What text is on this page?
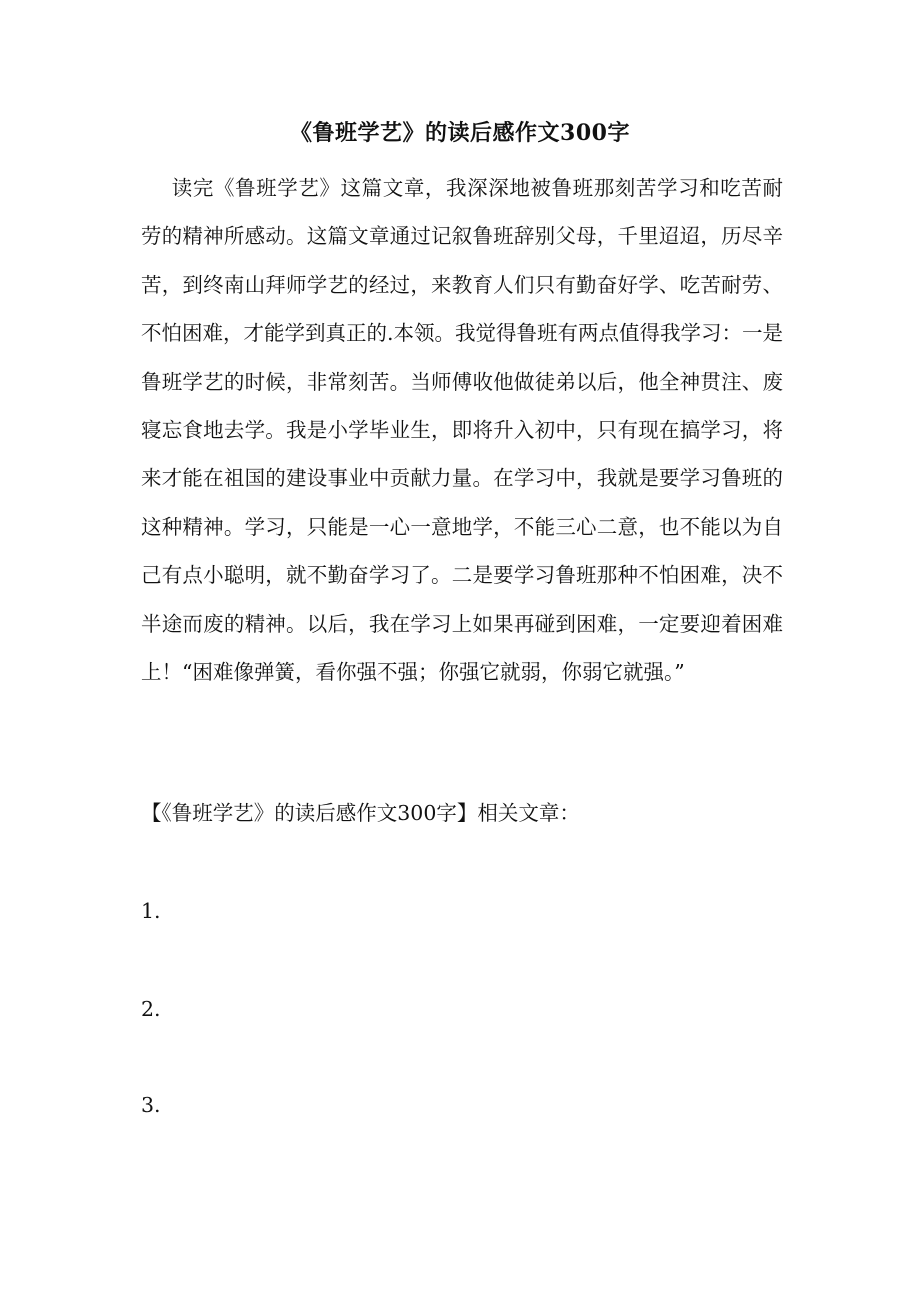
《鲁班学艺》的读后感作文300字

读完《鲁班学艺》这篇文章，我深深地被鲁班那刻苦学习和吃苦耐劳的精神所感动。这篇文章通过记叙鲁班辞别父母，千里迢迢，历尽辛苦，到终南山拜师学艺的经过，来教育人们只有勤奋好学、吃苦耐劳、不怕困难，才能学到真正的.本领。我觉得鲁班有两点值得我学习：一是鲁班学艺的时候，非常刻苦。当师傅收他做徒弟以后，他全神贯注、废寝忘食地去学。我是小学毕业生，即将升入初中，只有现在搞学习，将来才能在祖国的建设事业中贡献力量。在学习中，我就是要学习鲁班的这种精神。学习，只能是一心一意地学，不能三心二意，也不能以为自己有点小聪明，就不勤奋学习了。二是要学习鲁班那种不怕困难，决不半途而废的精神。以后，我在学习上如果再碰到困难，一定要迎着困难上！“困难像弹簧，看你强不强；你强它就弱，你弱它就强。”

【《鲁班学艺》的读后感作文300字】相关文章：

1.

2.

3.
